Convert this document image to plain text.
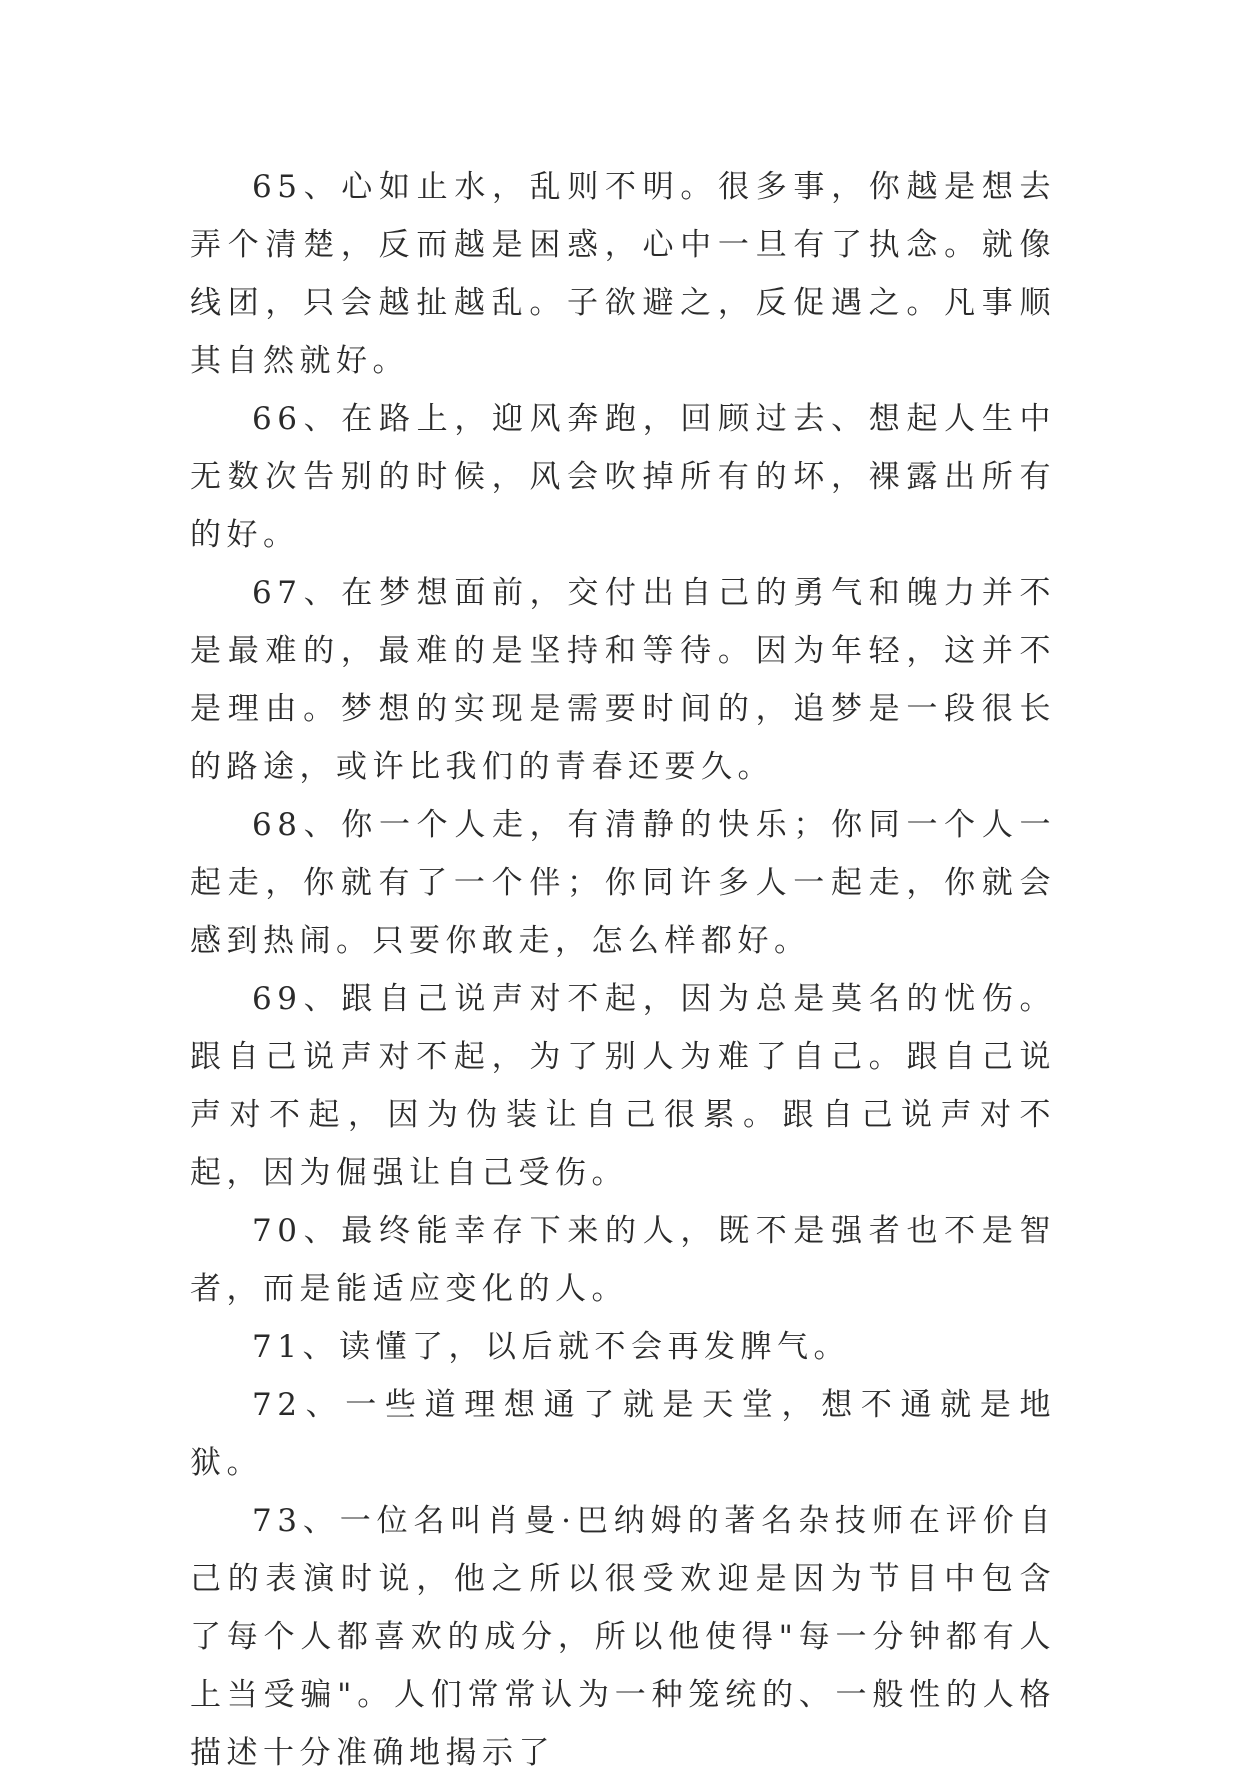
65、心如止水，乱则不明。很多事，你越是想去弄个清楚，反而越是困惑，心中一旦有了执念。就像线团，只会越扯越乱。子欲避之，反促遇之。凡事顺其自然就好。

66、在路上，迎风奔跑，回顾过去、想起人生中无数次告别的时候，风会吹掉所有的坏，裸露出所有的好。

67、在梦想面前，交付出自己的勇气和魄力并不是最难的，最难的是坚持和等待。因为年轻，这并不是理由。梦想的实现是需要时间的，追梦是一段很长的路途，或许比我们的青春还要久。

68、你一个人走，有清静的快乐；你同一个人一起走，你就有了一个伴；你同许多人一起走，你就会感到热闹。只要你敢走，怎么样都好。

69、跟自己说声对不起，因为总是莫名的忧伤。跟自己说声对不起，为了别人为难了自己。跟自己说声对不起，因为伪装让自己很累。跟自己说声对不起，因为倔强让自己受伤。

70、最终能幸存下来的人，既不是强者也不是智者，而是能适应变化的人。

71、读懂了，以后就不会再发脾气。

72、一些道理想通了就是天堂，想不通就是地狱。

73、一位名叫肖曼·巴纳姆的著名杂技师在评价自己的表演时说，他之所以很受欢迎是因为节目中包含了每个人都喜欢的成分，所以他使得"每一分钟都有人上当受骗"。人们常常认为一种笼统的、一般性的人格描述十分准确地揭示了
